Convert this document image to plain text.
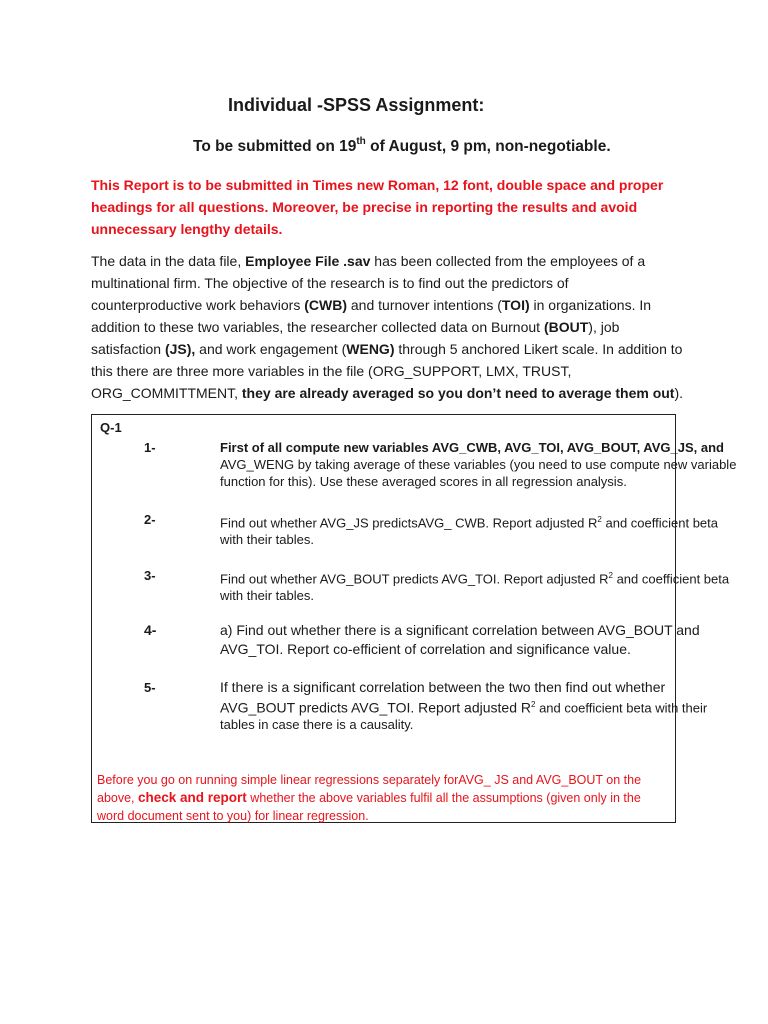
Individual -SPSS Assignment:
To be submitted on 19th of August, 9 pm, non-negotiable.
This Report is to be submitted in Times new Roman, 12 font, double space and proper
headings for all questions. Moreover, be precise in reporting the results and avoid
unnecessary lengthy details.
The data in the data file, Employee File .sav has been collected from the employees of a
multinational firm. The objective of the research is to find out the predictors of
counterproductive work behaviors (CWB) and turnover intentions (TOI) in organizations. In
addition to these two variables, the researcher collected data on Burnout (BOUT), job
satisfaction (JS), and work engagement (WENG) through 5 anchored Likert scale. In addition to
this there are three more variables in the file (ORG_SUPPORT, LMX, TRUST,
ORG_COMMITTMENT, they are already averaged so you don’t need to average them out).
Q-1
1-	First of all compute new variables AVG_CWB, AVG_TOI, AVG_BOUT, AVG_JS, and
AVG_WENG by taking average of these variables (you need to use compute new variable
function for this). Use these averaged scores in all regression analysis.
2-	Find out whether AVG_JS predictsAVG_ CWB. Report adjusted $R^2$ and coefficient beta
with their tables.
3-	Find out whether AVG_BOUT predicts AVG_TOI. Report adjusted $R^2$ and coefficient beta
with their tables.
4-	a) Find out whether there is a significant correlation between AVG_BOUT and
AVG_TOI. Report co-efficient of correlation and significance value.
5-	If there is a significant correlation between the two then find out whether
AVG_BOUT predicts AVG_TOI. Report adjusted $R^2$ and coefficient beta with their
tables in case there is a causality.
Before you go on running simple linear regressions separately forAVG_ JS and AVG_BOUT on the
above, check and report whether the above variables fulfil all the assumptions (given only in the
word document sent to you) for linear regression.
